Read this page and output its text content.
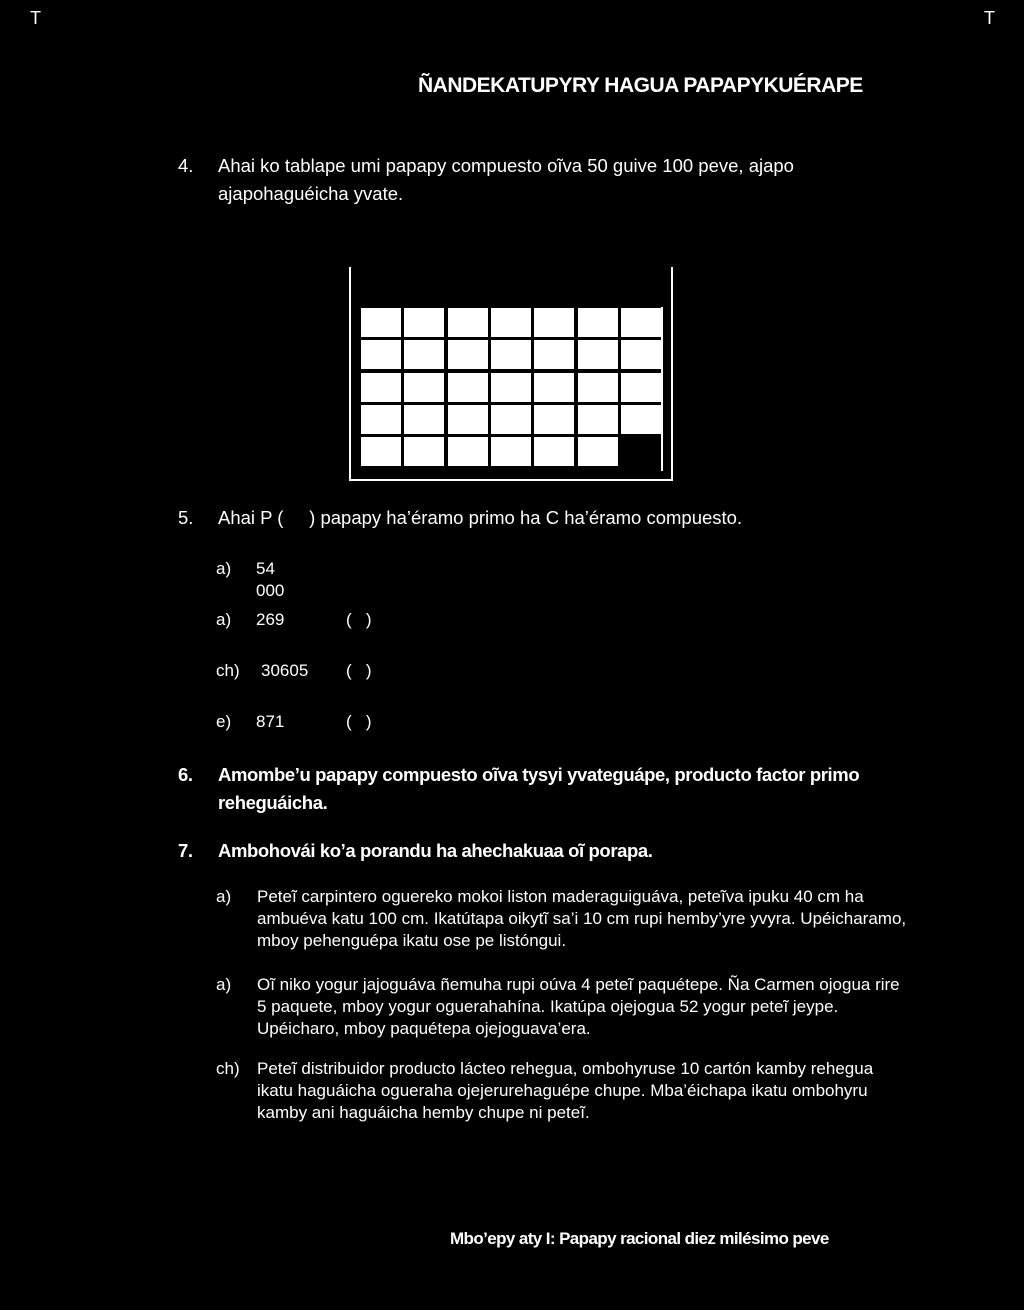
T	T
ÑANDEKATUPYRY HAGUA PAPAPYKUÉRAPE
4. Ahai ko tablape umi papapy compuesto oĩva 50 guive 100 peve, ajapo ajapohaguéicha yvate.
5. Ahai P (     ) papapy ha’éramo primo ha C ha’éramo compuesto.
a) 54 000
a) 269	(   )
ch) 30605 (   )
e) 871	(   )
6. Amombe’u papapy compuesto oĩva tysyi yvateguápe, producto factor primo reheguáicha.
7. Ambohovái ko’a porandu ha ahechakuaa oĩ porapa.
a) Peteĩ carpintero oguereko mokoi liston maderaguiguáva, peteĩva ipuku 40 cm ha ambuéva katu 100 cm. Ikatútapa oikytĩ sa’i 10 cm rupi hemby’yre yvyra. Upéicharamo, mboy pehenguépa ikatu ose pe listóngui.
a) Oĩ niko yogur jajoguáva ñemuha rupi oúva 4 peteĩ paquétepe. Ña Carmen ojogua rire 5 paquete, mboy yogur oguerahahína. Ikatúpa ojejogua 52 yogur peteĩ jeype. Upéicharo, mboy paquétepa ojejoguava’era.
ch) Peteĩ distribuidor producto lácteo rehegua, ombohyruse 10 cartón kamby rehegua ikatu haguáicha ogueraha ojejerurehaguépe chupe. Mba’éichapa ikatu ombohyru kamby ani haguáicha hemby chupe ni peteĩ.
Mbo’epy aty I: Papapy racional diez milésimo peve
